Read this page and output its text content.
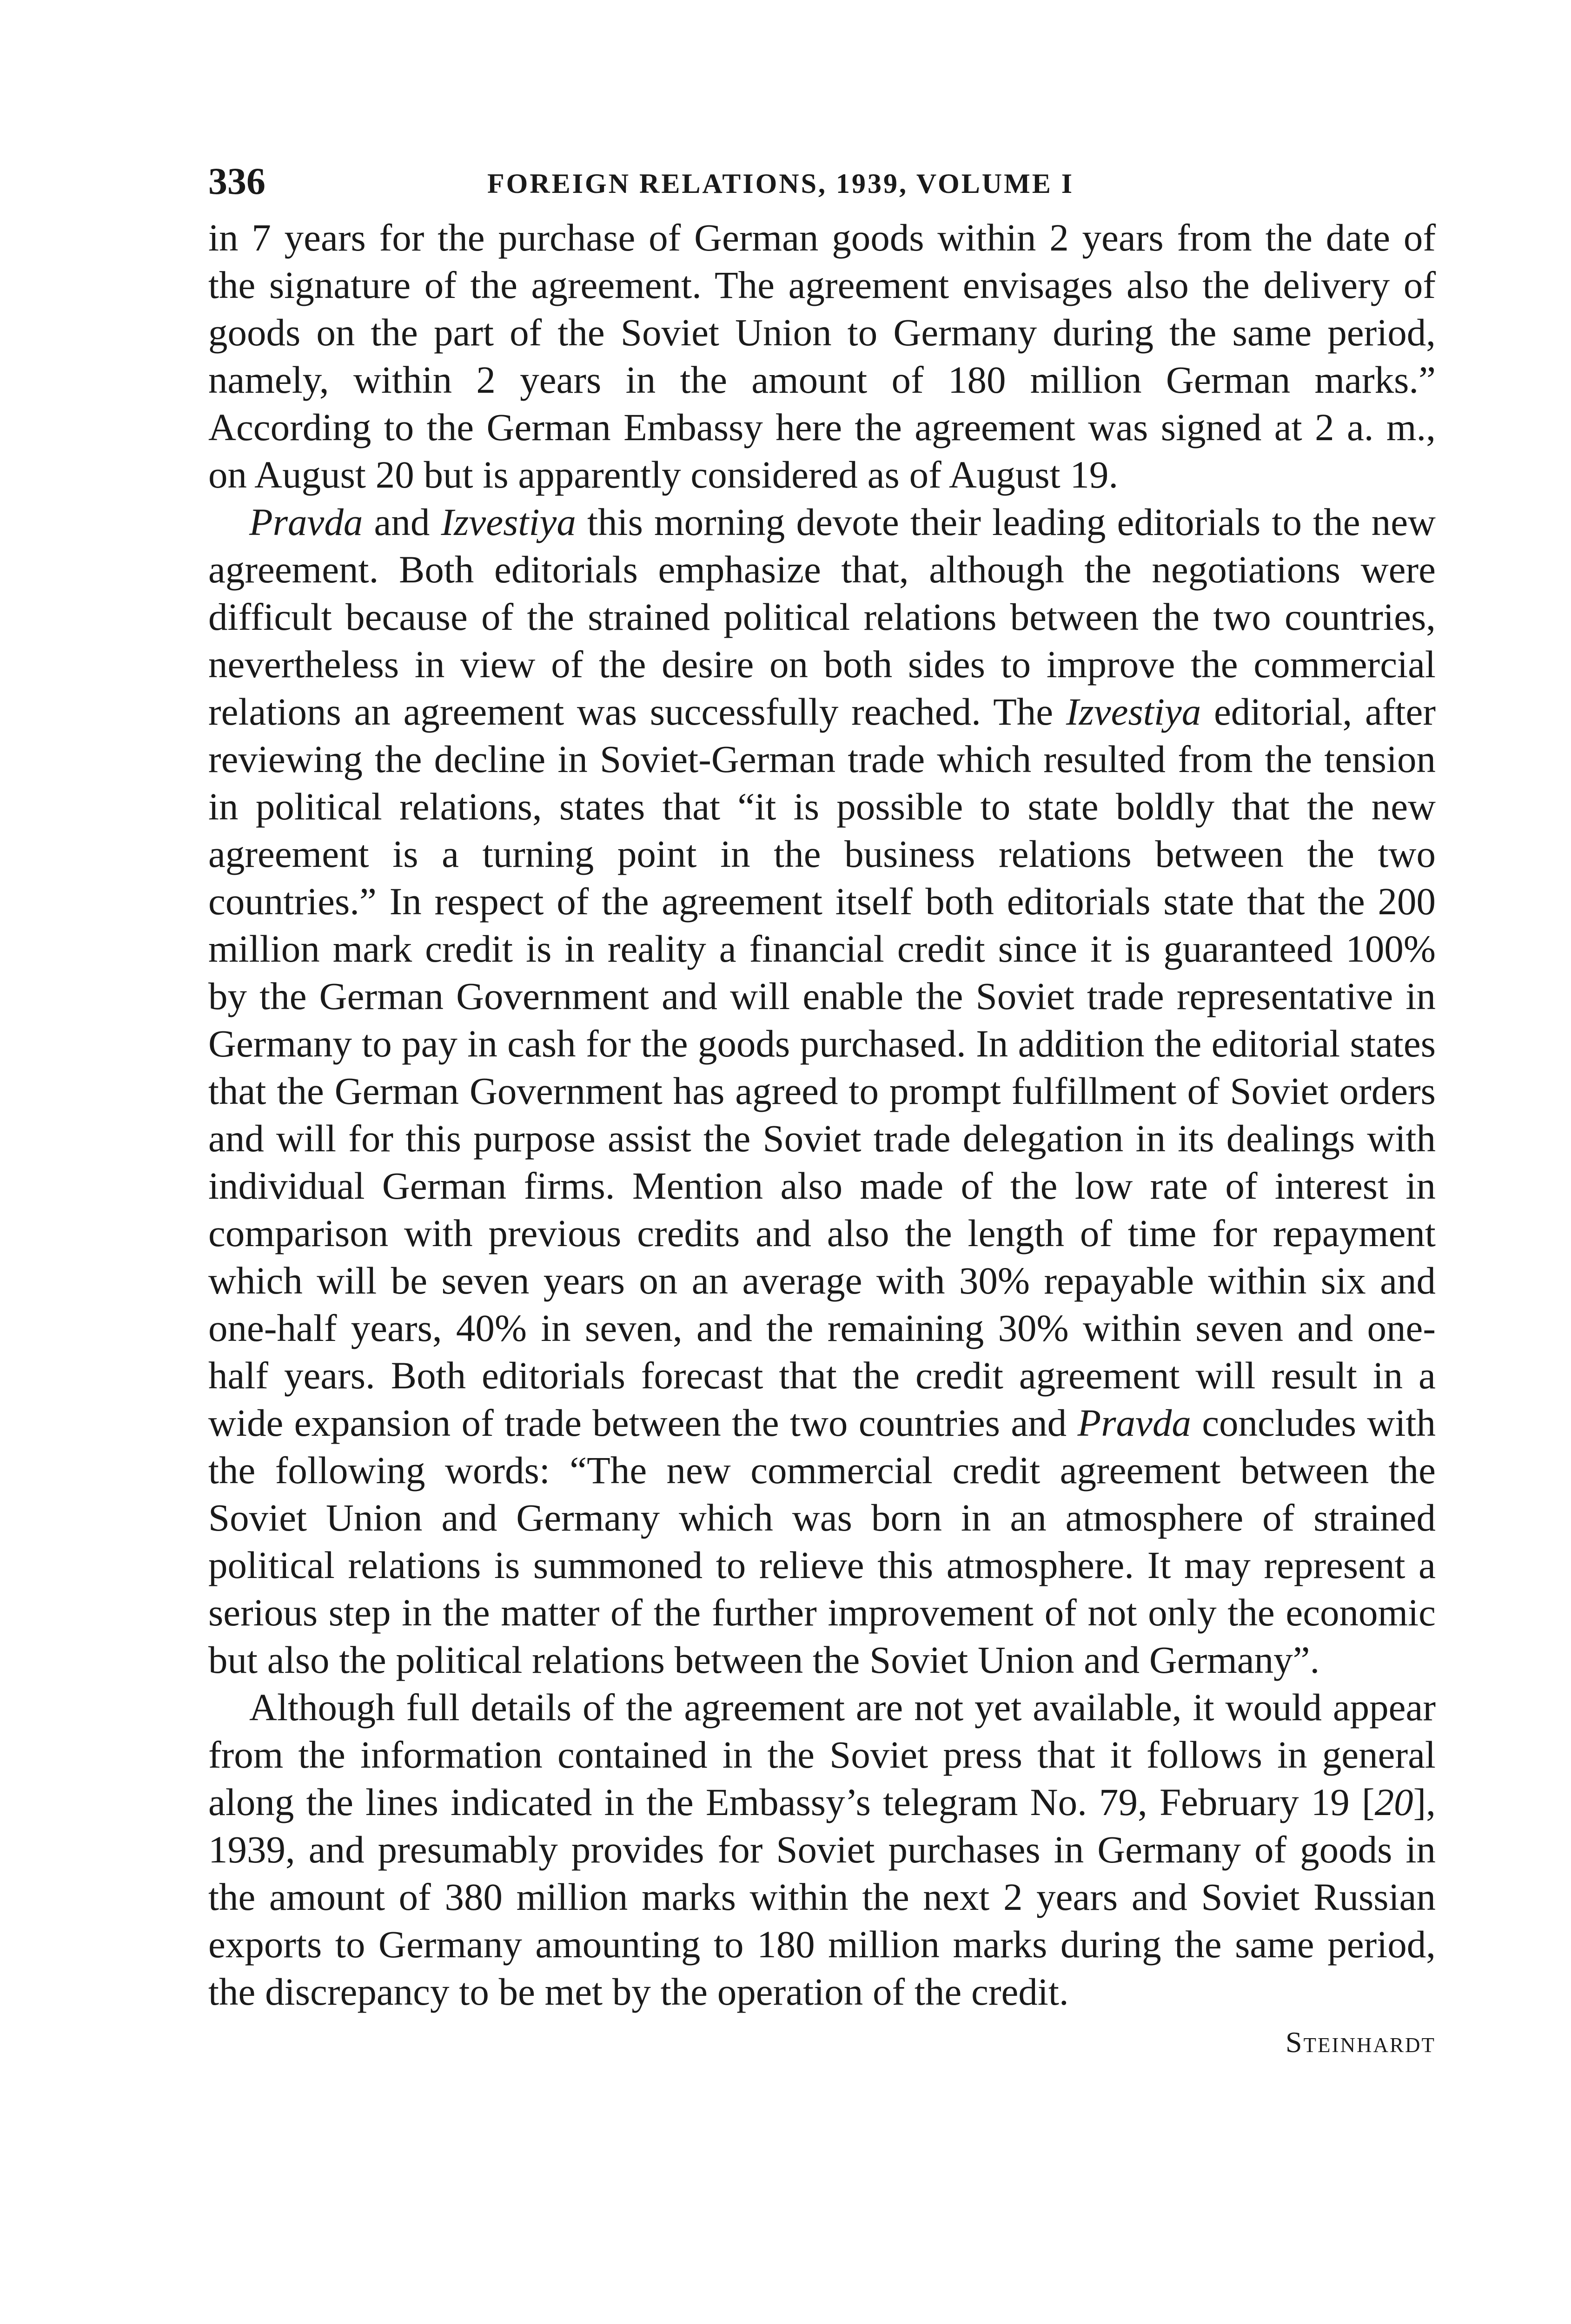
336	FOREIGN RELATIONS, 1939, VOLUME I

in 7 years for the purchase of German goods within 2 years from the date of the signature of the agreement. The agreement envisages also the delivery of goods on the part of the Soviet Union to Germany during the same period, namely, within 2 years in the amount of 180 million German marks.” According to the German Embassy here the agreement was signed at 2 a. m., on August 20 but is apparently considered as of August 19.

Pravda and Izvestiya this morning devote their leading editorials to the new agreement. Both editorials emphasize that, although the negotiations were difficult because of the strained political relations between the two countries, nevertheless in view of the desire on both sides to improve the commercial relations an agreement was successfully reached. The Izvestiya editorial, after reviewing the decline in Soviet-German trade which resulted from the tension in political relations, states that “it is possible to state boldly that the new agreement is a turning point in the business relations between the two countries.” In respect of the agreement itself both editorials state that the 200 million mark credit is in reality a financial credit since it is guaranteed 100% by the German Government and will enable the Soviet trade representative in Germany to pay in cash for the goods purchased. In addition the editorial states that the German Government has agreed to prompt fulfillment of Soviet orders and will for this purpose assist the Soviet trade delegation in its dealings with individual German firms. Mention also made of the low rate of interest in comparison with previous credits and also the length of time for repayment which will be seven years on an average with 30% repayable within six and one-half years, 40% in seven, and the remaining 30% within seven and one-half years. Both editorials forecast that the credit agreement will result in a wide expansion of trade between the two countries and Pravda concludes with the following words: “The new commercial credit agreement between the Soviet Union and Germany which was born in an atmosphere of strained political relations is summoned to relieve this atmosphere. It may represent a serious step in the matter of the further improvement of not only the economic but also the political relations between the Soviet Union and Germany”.

Although full details of the agreement are not yet available, it would appear from the information contained in the Soviet press that it follows in general along the lines indicated in the Embassy’s telegram No. 79, February 19 [20], 1939, and presumably provides for Soviet purchases in Germany of goods in the amount of 380 million marks within the next 2 years and Soviet Russian exports to Germany amounting to 180 million marks during the same period, the discrepancy to be met by the operation of the credit.

Steinhardt
